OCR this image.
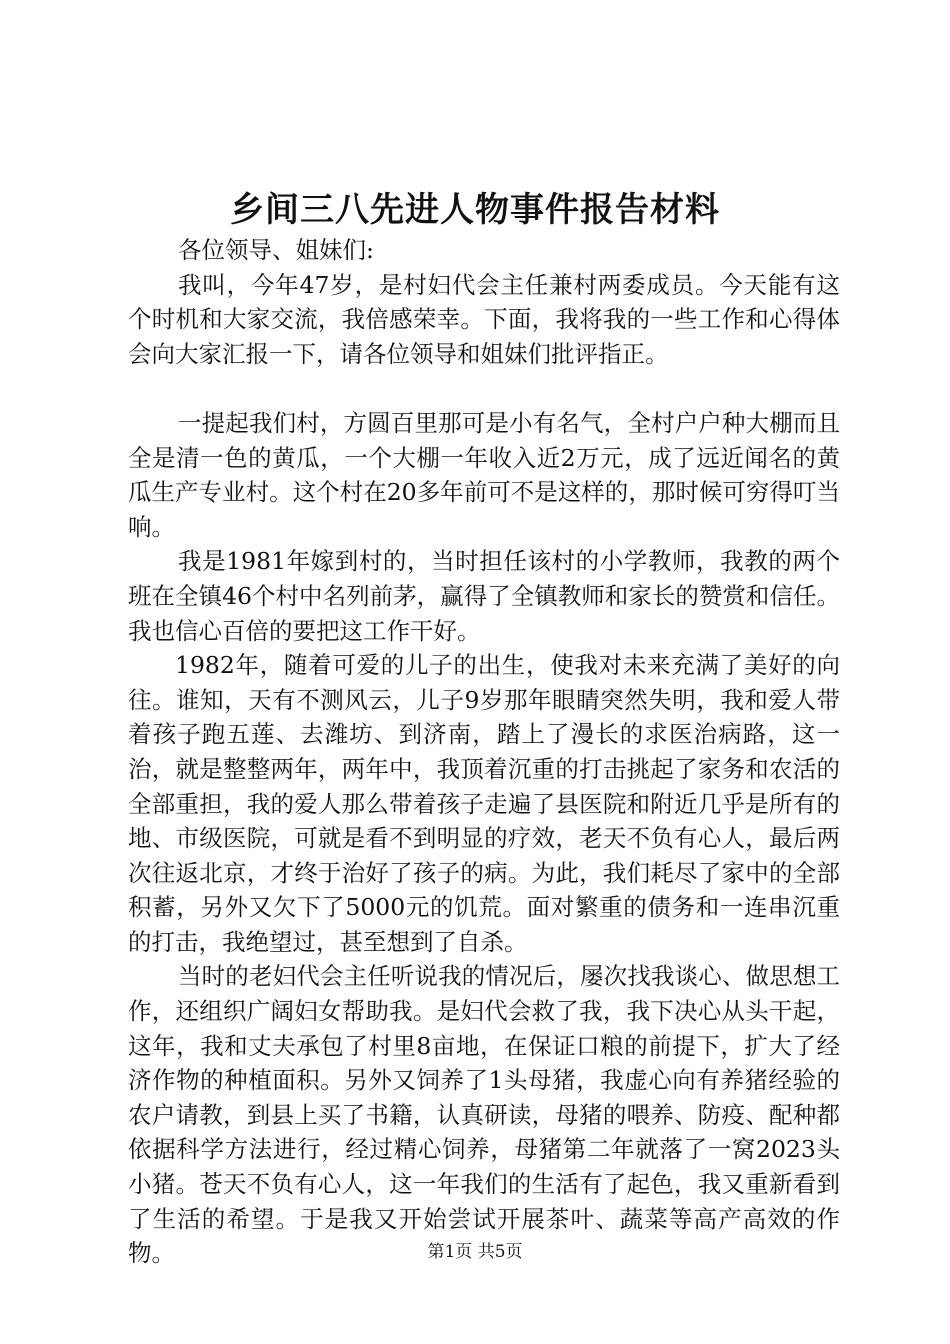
乡间三八先进人物事件报告材料

各位领导、姐妹们:

我叫，今年47岁，是村妇代会主任兼村两委成员。今天能有这个时机和大家交流，我倍感荣幸。下面，我将我的一些工作和心得体会向大家汇报一下，请各位领导和姐妹们批评指正。

一提起我们村，方圆百里那可是小有名气，全村户户种大棚而且全是清一色的黄瓜，一个大棚一年收入近2万元，成了远近闻名的黄瓜生产专业村。这个村在20多年前可不是这样的，那时候可穷得叮当响。

我是1981年嫁到村的，当时担任该村的小学教师，我教的两个班在全镇46个村中名列前茅，赢得了全镇教师和家长的赞赏和信任。我也信心百倍的要把这工作干好。

1982年，随着可爱的儿子的出生，使我对未来充满了美好的向往。谁知，天有不测风云，儿子9岁那年眼睛突然失明，我和爱人带着孩子跑五莲、去潍坊、到济南，踏上了漫长的求医治病路，这一治，就是整整两年，两年中，我顶着沉重的打击挑起了家务和农活的全部重担，我的爱人那么带着孩子走遍了县医院和附近几乎是所有的地、市级医院，可就是看不到明显的疗效，老天不负有心人，最后两次往返北京，才终于治好了孩子的病。为此，我们耗尽了家中的全部积蓄，另外又欠下了5000元的饥荒。面对繁重的债务和一连串沉重的打击，我绝望过，甚至想到了自杀。

当时的老妇代会主任听说我的情况后，屡次找我谈心、做思想工作，还组织广阔妇女帮助我。是妇代会救了我，我下决心从头干起，这年，我和丈夫承包了村里8亩地，在保证口粮的前提下，扩大了经济作物的种植面积。另外又饲养了1头母猪，我虚心向有养猪经验的农户请教，到县上买了书籍，认真研读，母猪的喂养、防疫、配种都依据科学方法进行，经过精心饲养，母猪第二年就落了一窝2023头小猪。苍天不负有心人，这一年我们的生活有了起色，我又重新看到了生活的希望。于是我又开始尝试开展茶叶、蔬菜等高产高效的作物。	第1页 共5页
